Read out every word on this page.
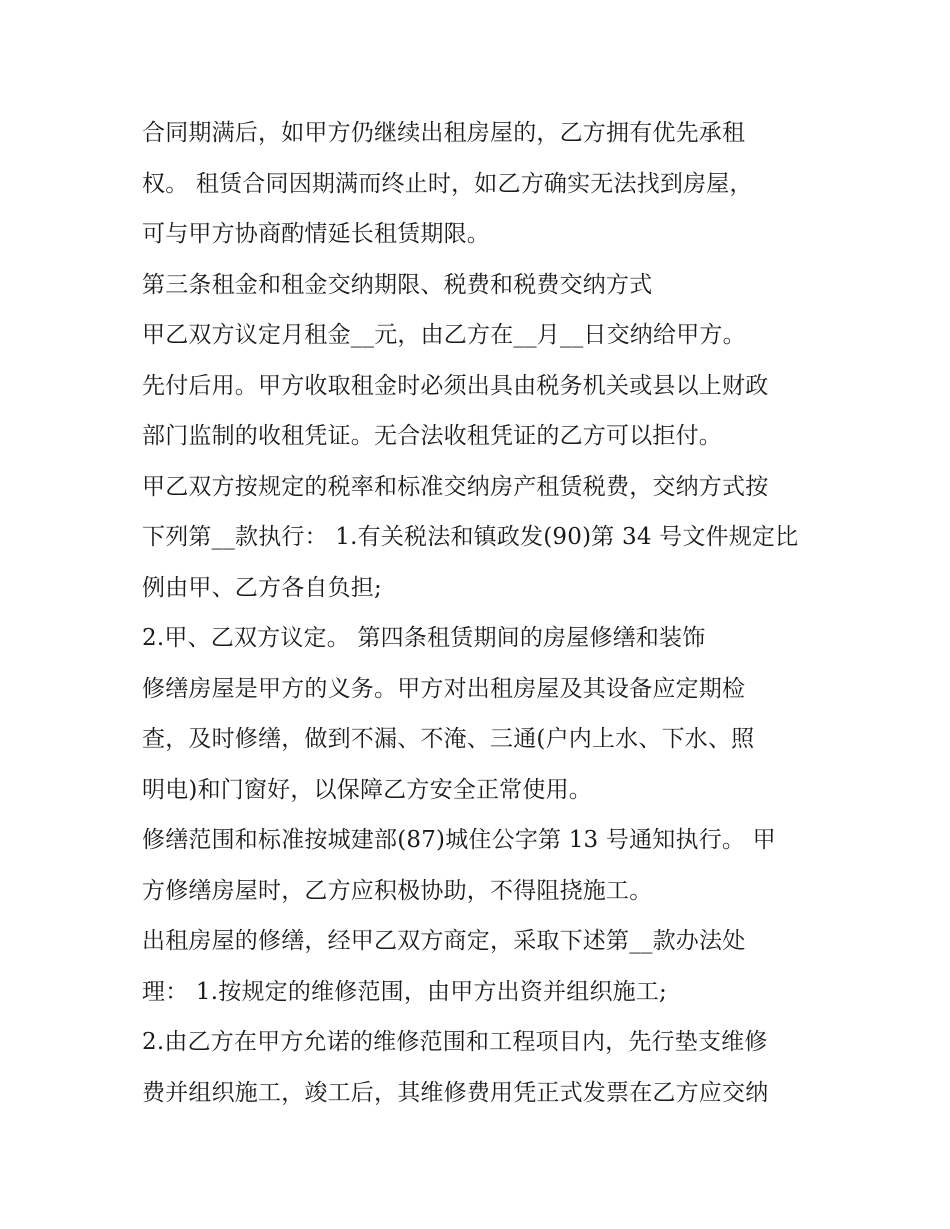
合同期满后，如甲方仍继续出租房屋的，乙方拥有优先承租
权。 租赁合同因期满而终止时，如乙方确实无法找到房屋，
可与甲方协商酌情延长租赁期限。
第三条租金和租金交纳期限、税费和税费交纳方式
甲乙双方议定月租金__元，由乙方在__月__日交纳给甲方。
先付后用。甲方收取租金时必须出具由税务机关或县以上财政
部门监制的收租凭证。无合法收租凭证的乙方可以拒付。
甲乙双方按规定的税率和标准交纳房产租赁税费，交纳方式按
下列第__款执行： 1.有关税法和镇政发(90)第 34 号文件规定比
例由甲、乙方各自负担;
2.甲、乙双方议定。 第四条租赁期间的房屋修缮和装饰
修缮房屋是甲方的义务。甲方对出租房屋及其设备应定期检
查，及时修缮，做到不漏、不淹、三通(户内上水、下水、照
明电)和门窗好，以保障乙方安全正常使用。
修缮范围和标准按城建部(87)城住公字第 13 号通知执行。 甲
方修缮房屋时，乙方应积极协助，不得阻挠施工。
出租房屋的修缮，经甲乙双方商定，采取下述第__款办法处
理： 1.按规定的维修范围，由甲方出资并组织施工;
2.由乙方在甲方允诺的维修范围和工程项目内，先行垫支维修
费并组织施工，竣工后，其维修费用凭正式发票在乙方应交纳
